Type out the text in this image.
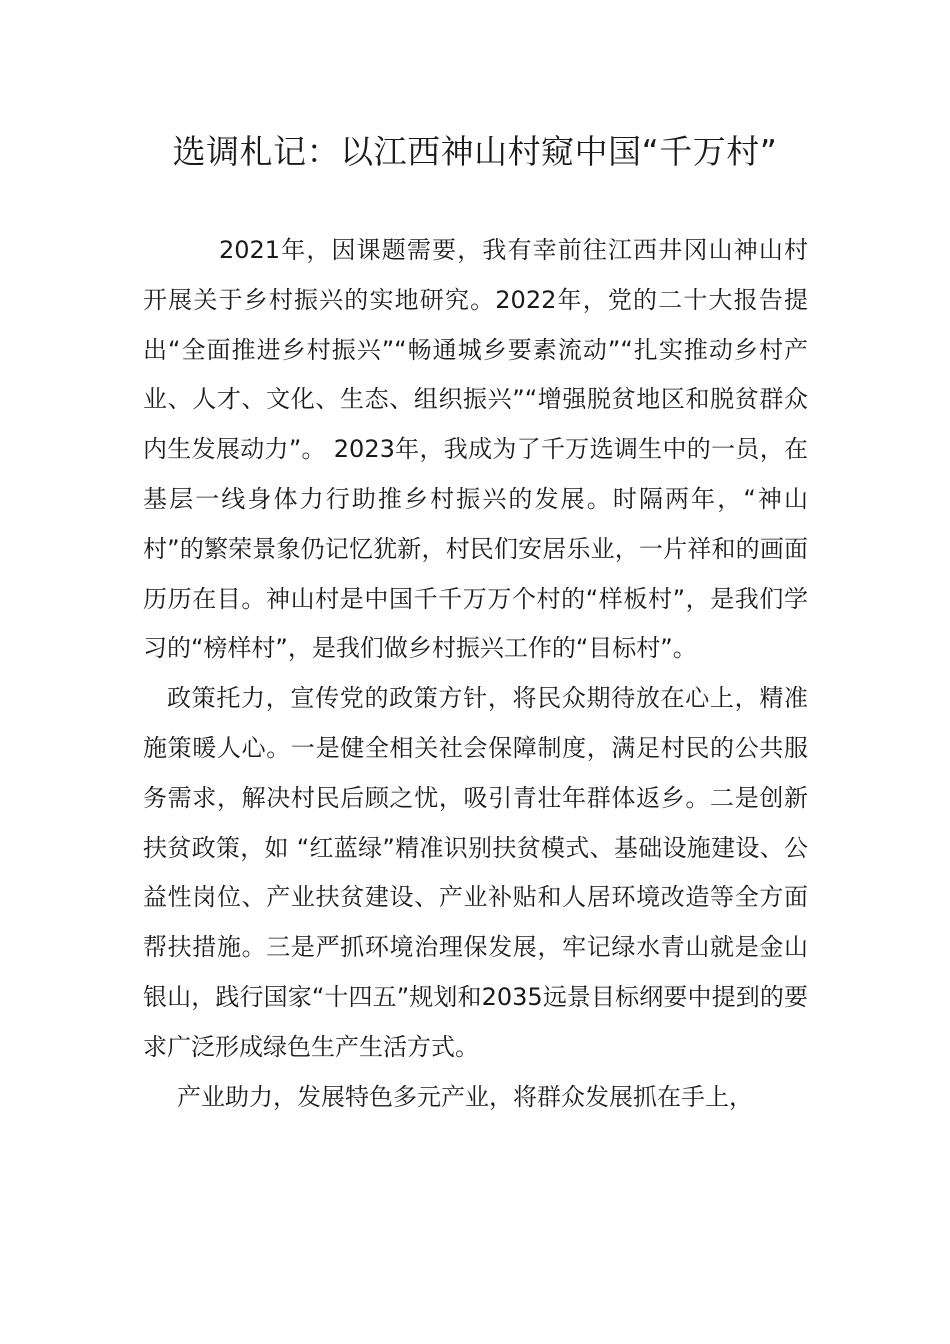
选调札记：以江西神山村窥中国“千万村”

2021年，因课题需要，我有幸前往江西井冈山神山村开展关于乡村振兴的实地研究。2022年，党的二十大报告提出“全面推进乡村振兴”“畅通城乡要素流动”“扎实推动乡村产业、人才、文化、生态、组织振兴”“增强脱贫地区和脱贫群众内生发展动力”。 2023年，我成为了千万选调生中的一员，在基层一线身体力行助推乡村振兴的发展。时隔两年，“神山村”的繁荣景象仍记忆犹新，村民们安居乐业，一片祥和的画面历历在目。神山村是中国千千万万个村的“样板村”，是我们学习的“榜样村”，是我们做乡村振兴工作的“目标村”。

政策托力，宣传党的政策方针，将民众期待放在心上，精准施策暖人心。一是健全相关社会保障制度，满足村民的公共服务需求，解决村民后顾之忧，吸引青壮年群体返乡。二是创新扶贫政策，如 “红蓝绿”精准识别扶贫模式、基础设施建设、公益性岗位、产业扶贫建设、产业补贴和人居环境改造等全方面帮扶措施。三是严抓环境治理保发展，牢记绿水青山就是金山银山，践行国家“十四五”规划和2035远景目标纲要中提到的要求广泛形成绿色生产生活方式。

产业助力，发展特色多元产业，将群众发展抓在手上，
